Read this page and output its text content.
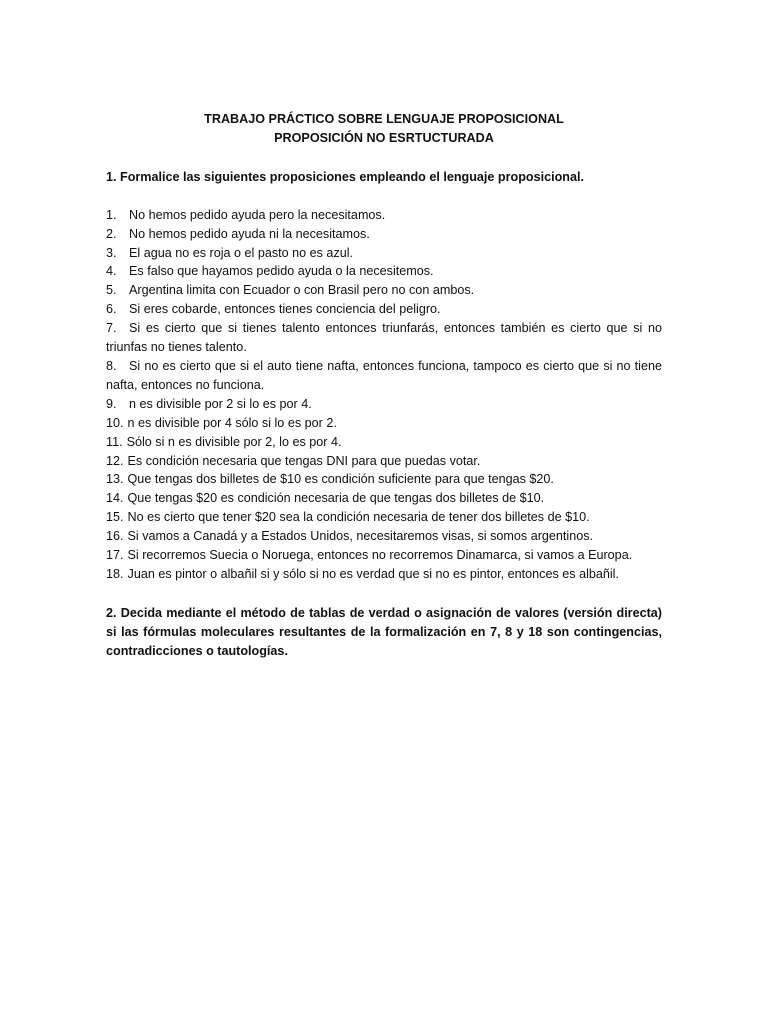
TRABAJO PRÁCTICO SOBRE LENGUAJE PROPOSICIONAL
PROPOSICIÓN NO ESRTUCTURADA

1. Formalice las siguientes proposiciones empleando el lenguaje proposicional.

1. No hemos pedido ayuda pero la necesitamos.

2. No hemos pedido ayuda ni la necesitamos.

3. El agua no es roja o el pasto no es azul.

4. Es falso que hayamos pedido ayuda o la necesitemos.

5. Argentina limita con Ecuador o con Brasil pero no con ambos.

6. Si eres cobarde, entonces tienes conciencia del peligro.

7. Si es cierto que si tienes talento entonces triunfarás, entonces también es cierto que si no triunfas no tienes talento.

8. Si no es cierto que si el auto tiene nafta, entonces funciona, tampoco es cierto que si no tiene nafta, entonces no funciona.

9. n es divisible por 2 si lo es por 4.

10. n es divisible por 4 sólo si lo es por 2.

11. Sólo si n es divisible por 2, lo es por 4.

12. Es condición necesaria que tengas DNI para que puedas votar.

13. Que tengas dos billetes de $10 es condición suficiente para que tengas $20.

14. Que tengas $20 es condición necesaria de que tengas dos billetes de $10.

15. No es cierto que tener $20 sea la condición necesaria de tener dos billetes de $10.

16. Si vamos a Canadá y a Estados Unidos, necesitaremos visas, si somos argentinos.

17. Si recorremos Suecia o Noruega, entonces no recorremos Dinamarca, si vamos a Europa.

18. Juan es pintor o albañil si y sólo si no es verdad que si no es pintor, entonces es albañil.

2. Decida mediante el método de tablas de verdad o asignación de valores (versión directa) si las fórmulas moleculares resultantes de la formalización en 7, 8 y 18 son contingencias, contradicciones o tautologías.
